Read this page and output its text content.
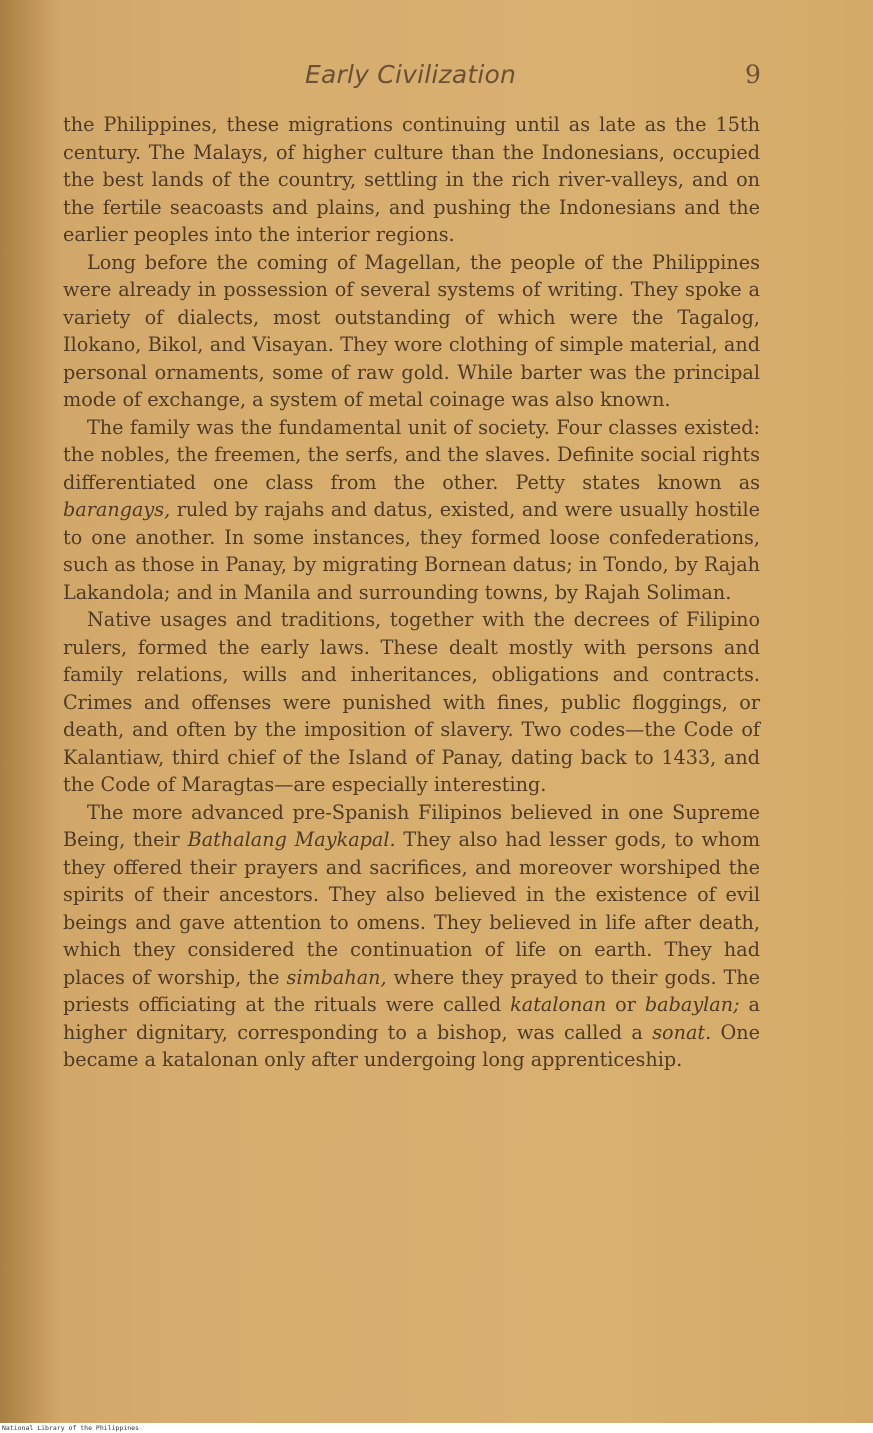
Early Civilization	9

the Philippines, these migrations continuing until as late as the 15th century. The Malays, of higher culture than the Indonesians, occupied the best lands of the country, settling in the rich river-valleys, and on the fertile seacoasts and plains, and pushing the Indonesians and the earlier peoples into the interior regions.

Long before the coming of Magellan, the people of the Philippines were already in possession of several systems of writing. They spoke a variety of dialects, most outstanding of which were the Tagalog, Ilokano, Bikol, and Visayan. They wore clothing of simple material, and personal ornaments, some of raw gold. While barter was the principal mode of exchange, a system of metal coinage was also known.

The family was the fundamental unit of society. Four classes existed: the nobles, the freemen, the serfs, and the slaves. Definite social rights differentiated one class from the other. Petty states known as barangays, ruled by rajahs and datus, existed, and were usually hostile to one another. In some instances, they formed loose confederations, such as those in Panay, by migrating Bornean datus; in Tondo, by Rajah Lakandola; and in Manila and surrounding towns, by Rajah Soliman.

Native usages and traditions, together with the decrees of Filipino rulers, formed the early laws. These dealt mostly with persons and family relations, wills and inheritances, obligations and contracts. Crimes and offenses were punished with fines, public floggings, or death, and often by the imposition of slavery. Two codes—the Code of Kalantiaw, third chief of the Island of Panay, dating back to 1433, and the Code of Maragtas—are especially interesting.

The more advanced pre-Spanish Filipinos believed in one Supreme Being, their Bathalang Maykapal. They also had lesser gods, to whom they offered their prayers and sacrifices, and moreover worshiped the spirits of their ancestors. They also believed in the existence of evil beings and gave attention to omens. They believed in life after death, which they considered the continuation of life on earth. They had places of worship, the simbahan, where they prayed to their gods. The priests officiating at the rituals were called katalonan or babaylan; a higher dignitary, corresponding to a bishop, was called a sonat. One became a katalonan only after undergoing long apprenticeship.

National Library of the Philippines
